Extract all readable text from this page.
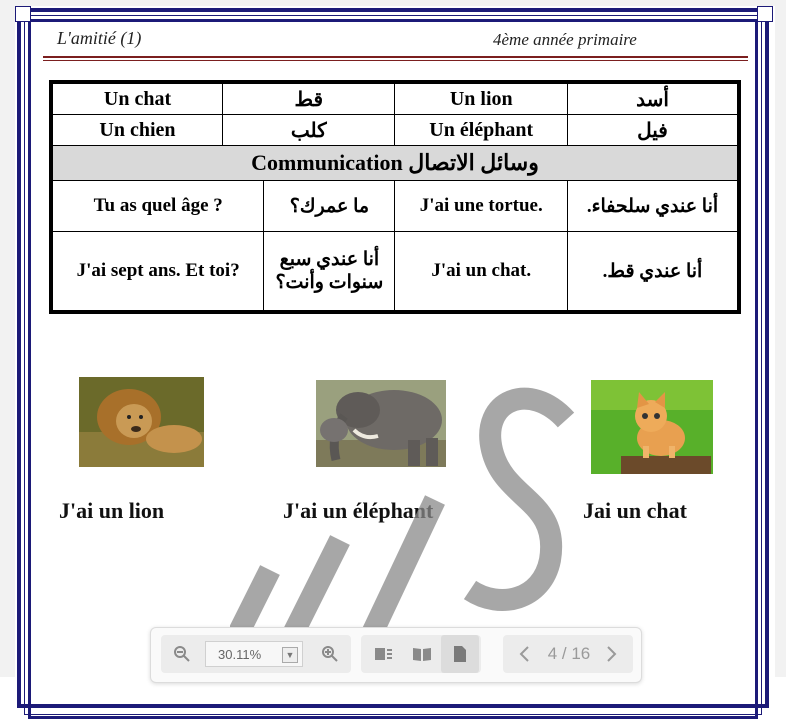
L'amitié (1)	4ème année primaire
Un chat	قط		Un lion	أسد
Un chien	كلب		Un éléphant	فيل
Communication وسائل الاتصال				
Tu as quel âge ?		ما عمرك؟	J'ai une tortue.	أنا عندي سلحفاء.
J'ai sept ans. Et toi?		أنا عندي سبع سنوات وأنت؟	J'ai un chat.	أنا عندي قط.
J'ai un lion	J'ai un éléphant	Jai un chat
30.11%	▼	4 / 16
